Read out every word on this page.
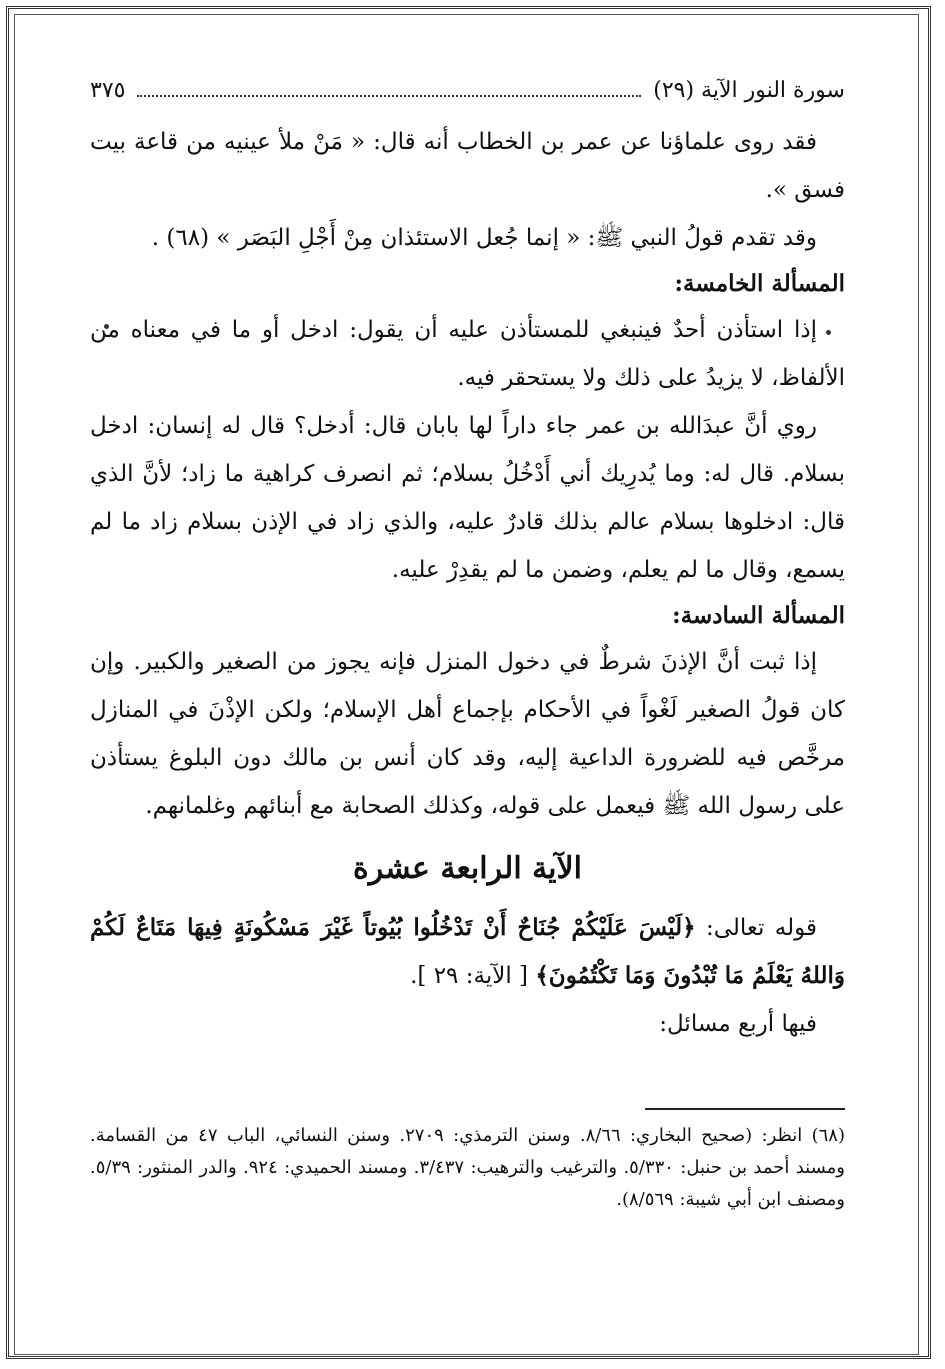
سورة النور الآية (٢٩)
٣٧٥

فقد روى علماؤنا عن عمر بن الخطاب أنه قال: « مَنْ ملأ عينيه من قاعة بيت فسق ».

وقد تقدم قولُ النبي ﷺ: « إنما جُعل الاستئذان مِنْ أَجْلِ البَصَر » (٦٨) .

المسألة الخامسة:

إذا استأذن أحدٌ فينبغي للمستأذن عليه أن يقول: ادخل أو ما في معناه من الألفاظ، لا يزيدُ على ذلك ولا يستحقر فيه.

روي أنَّ عبدَالله بن عمر جاء داراً لها بابان قال: أدخل؟ قال له إنسان: ادخل بسلام. قال له: وما يُدرِيك أني أَدْخُلُ بسلام؛ ثم انصرف كراهية ما زاد؛ لأنَّ الذي قال: ادخلوها بسلام عالم بذلك قادرٌ عليه، والذي زاد في الإذن بسلام زاد ما لم يسمع، وقال ما لم يعلم، وضمن ما لم يقدِرْ عليه.

المسألة السادسة:

إذا ثبت أنَّ الإذنَ شرطٌ في دخول المنزل فإنه يجوز من الصغير والكبير. وإن كان قولُ الصغير لَغْواً في الأحكام بإجماع أهل الإسلام؛ ولكن الإذْنَ في المنازل مرخَّص فيه للضرورة الداعية إليه، وقد كان أنس بن مالك دون البلوغ يستأذن على رسول الله ﷺ فيعمل على قوله، وكذلك الصحابة مع أبنائهم وغلمانهم.

الآية الرابعة عشرة

قوله تعالى: ﴿لَيْسَ عَلَيْكُمْ جُنَاحٌ أَنْ تَدْخُلُوا بُيُوتاً غَيْرَ مَسْكُونَةٍ فِيهَا مَتَاعٌ لَكُمْ وَاللهُ يَعْلَمُ مَا تُبْدُونَ وَمَا تَكْتُمُونَ﴾ [ الآية: ٢٩ ].

فيها أربع مسائل:

(٦٨) انظر: (صحيح البخاري: ٨/٦٦. وسنن الترمذي: ٢٧٠٩. وسنن النسائي، الباب ٤٧ من القسامة. ومسند أحمد بن حنبل: ٥/٣٣٠. والترغيب والترهيب: ٣/٤٣٧. ومسند الحميدي: ٩٢٤. والدر المنثور: ٥/٣٩. ومصنف ابن أبي شيبة: ٨/٥٦٩).
